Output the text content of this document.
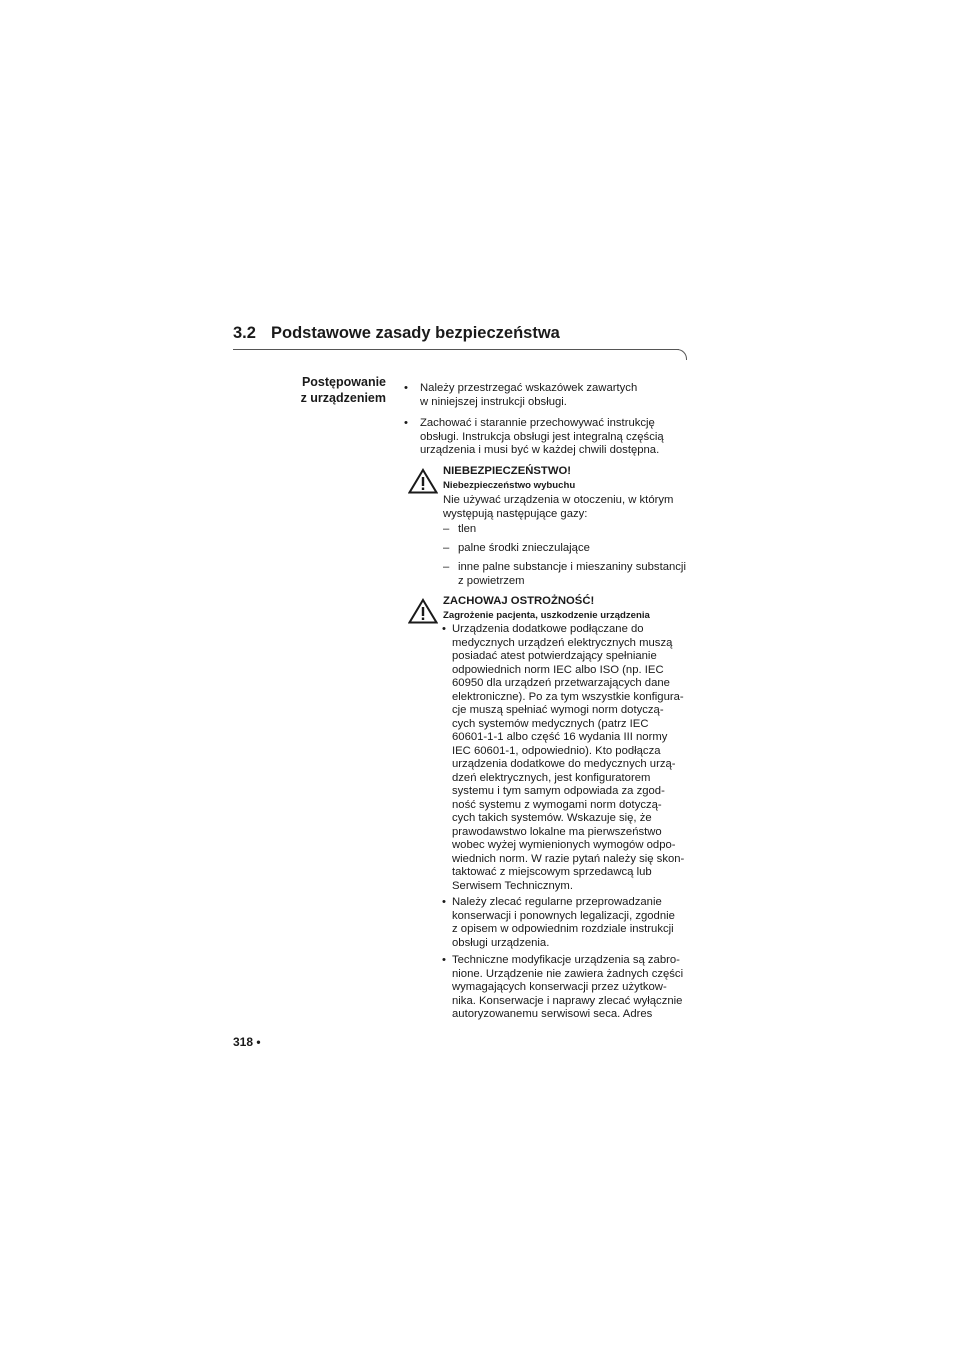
3.2 Podstawowe zasady bezpieczeństwa
Postępowanie
z urządzeniem
• Należy przestrzegać wskazówek zawartych
w niniejszej instrukcji obsługi.
• Zachować i starannie przechowywać instrukcję
obsługi. Instrukcja obsługi jest integralną częścią
urządzenia i musi być w każdej chwili dostępna.
NIEBEZPIECZEŃSTWO!
Niebezpieczeństwo wybuchu
Nie używać urządzenia w otoczeniu, w którym
występują następujące gazy:
– tlen
– palne środki znieczulające
– inne palne substancje i mieszaniny substancji
z powietrzem
ZACHOWAJ OSTROŻNOŚĆ!
Zagrożenie pacjenta, uszkodzenie urządzenia
• Urządzenia dodatkowe podłączane do
medycznych urządzeń elektrycznych muszą
posiadać atest potwierdzający spełnianie
odpowiednich norm IEC albo ISO (np. IEC
60950 dla urządzeń przetwarzających dane
elektroniczne). Po za tym wszystkie konfigura-
cje muszą spełniać wymogi norm dotyczą-
cych systemów medycznych (patrz IEC
60601-1-1 albo część 16 wydania III normy
IEC 60601-1, odpowiednio). Kto podłącza
urządzenia dodatkowe do medycznych urzą-
dzeń elektrycznych, jest konfiguratorem
systemu i tym samym odpowiada za zgod-
ność systemu z wymogami norm dotyczą-
cych takich systemów. Wskazuje się, że
prawodawstwo lokalne ma pierwszeństwo
wobec wyżej wymienionych wymogów odpo-
wiednich norm. W razie pytań należy się skon-
taktować z miejscowym sprzedawcą lub
Serwisem Technicznym.
• Należy zlecać regularne przeprowadzanie
konserwacji i ponownych legalizacji, zgodnie
z opisem w odpowiednim rozdziale instrukcji
obsługi urządzenia.
• Techniczne modyfikacje urządzenia są zabro-
nione. Urządzenie nie zawiera żadnych części
wymagających konserwacji przez użytkow-
nika. Konserwacje i naprawy zlecać wyłącznie
autoryzowanemu serwisowi seca. Adres
318 •
